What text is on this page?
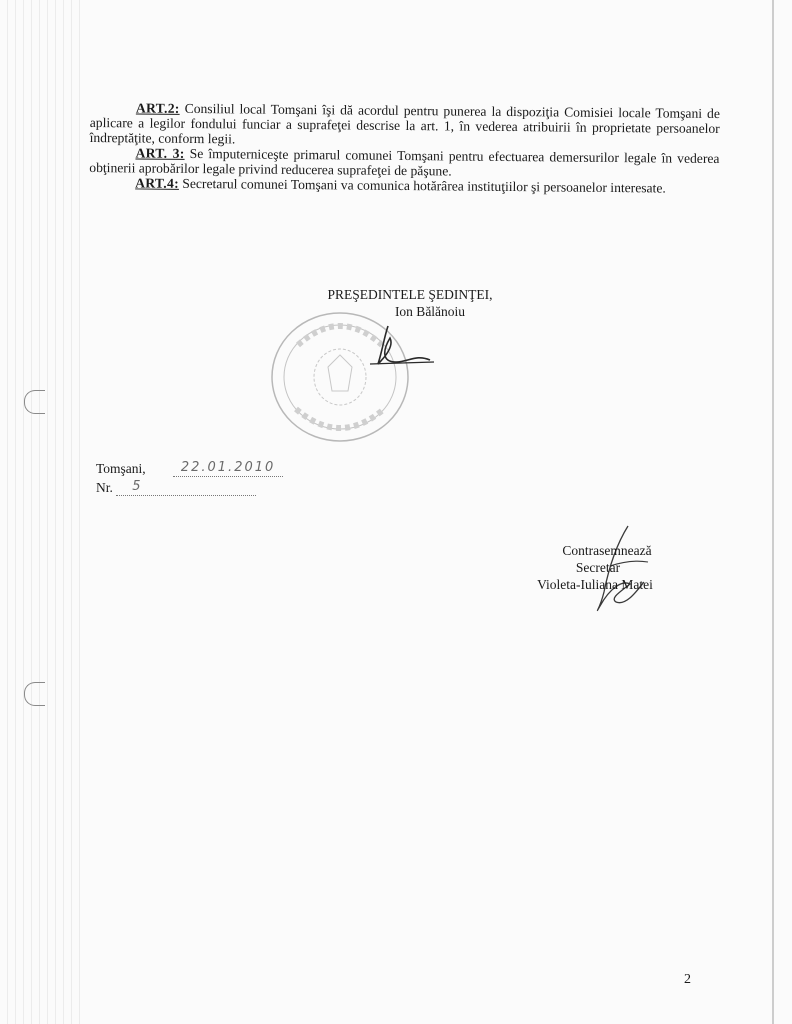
ART.2: Consiliul local Tomşani îşi dă acordul pentru punerea la dispoziţia Comisiei locale Tomşani de aplicare a legilor fondului funciar a suprafeţei descrise la art. 1, în vederea atribuirii în proprietate persoanelor îndreptăţite, conform legii.

ART. 3: Se împuterniceşte primarul comunei Tomşani pentru efectuarea demersurilor legale în vederea obţinerii aprobărilor legale privind reducerea suprafeţei de păşune.

ART.4: Secretarul comunei Tomşani va comunica hotărârea instituţiilor şi persoanelor interesate.

PREŞEDINTELE ŞEDINŢEI,
Ion Bălănoiu
Tomşani,	22.01.2010
Nr. 5
Contrasemnează
Secretar
Violeta-Iuliana Matei
2
